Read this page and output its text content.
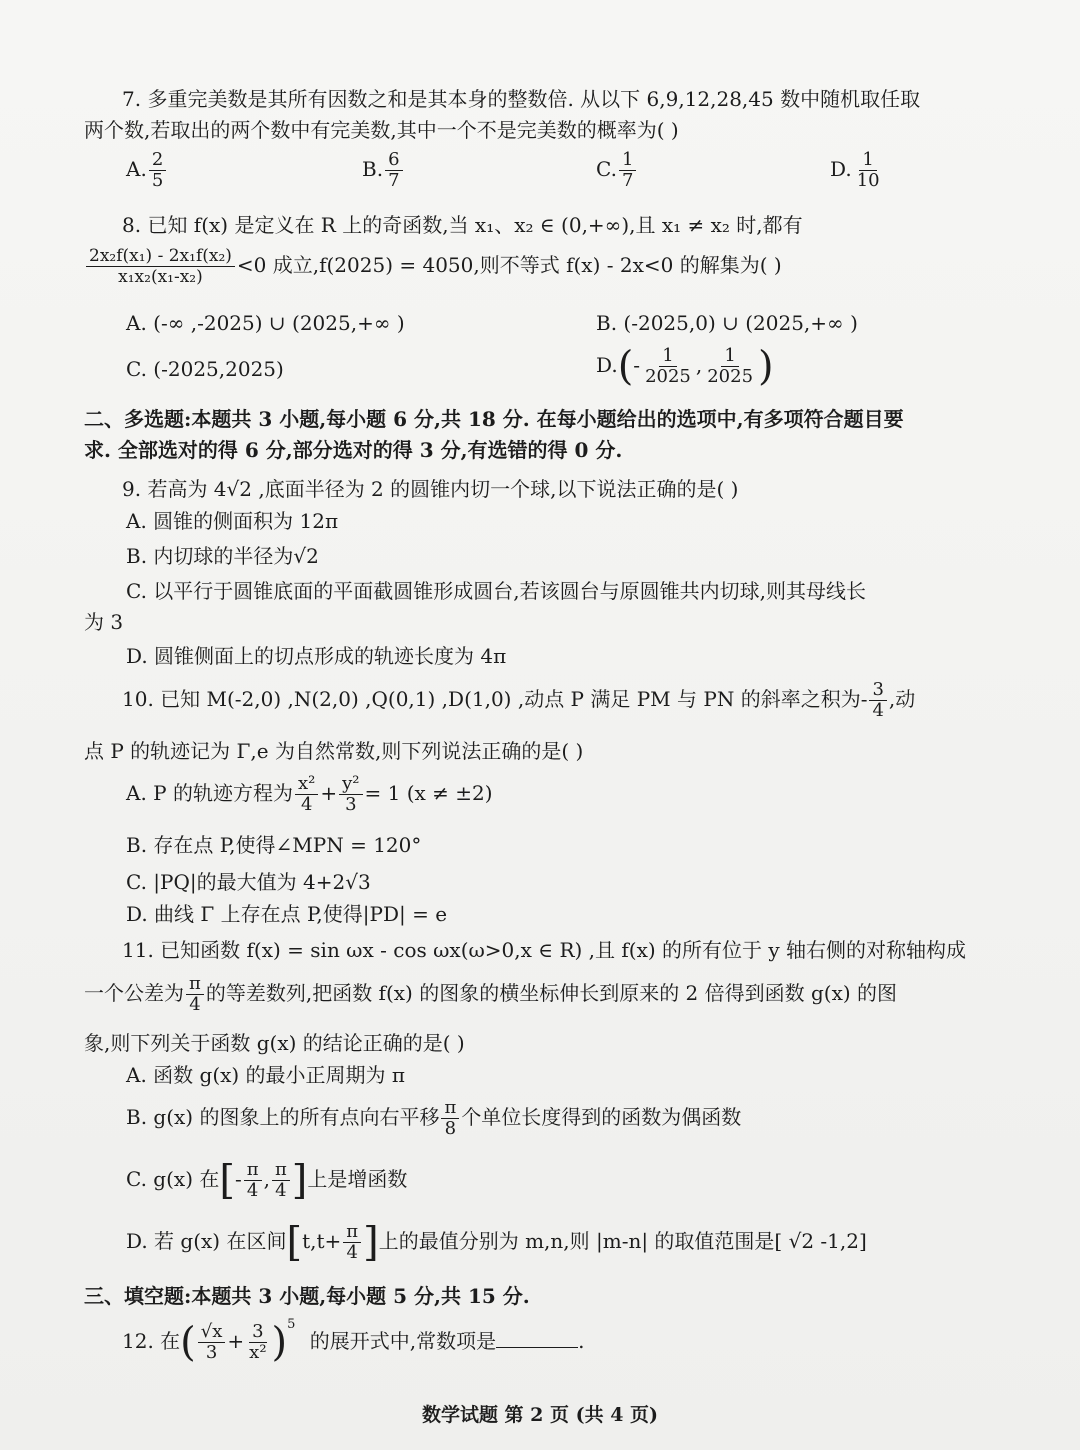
7. 多重完美数是其所有因数之和是其本身的整数倍. 从以下 6,9,12,28,45 数中随机取任取
两个数,若取出的两个数中有完美数,其中一个不是完美数的概率为( )
A. $\frac{2}{5}$	B. $\frac{6}{7}$	C. $\frac{1}{7}$	D. $\frac{1}{10}$
8. 已知 f(x) 是定义在 R 上的奇函数,当 x₁、x₂ ∈ (0,+∞),且 x₁ ≠ x₂ 时,都有
$\frac{\text{2x₂f(x₁) - 2x₁f(x₂)}}{\text{x₁x₂(x₁-x₂)}} <0$ 成立,f(2025) = 4050,则不等式 f(x) - 2x<0 的解集为( )
A. (-∞ ,-2025) ∪ (2025,+∞ )	B. (-2025,0) ∪ (2025,+∞ )
C. (-2025,2025)	$D.(- \frac{1}{2025}$ , $\frac{1}{2025}$ )
二、多选题:本题共 3 小题,每小题 6 分,共 18 分. 在每小题给出的选项中,有多项符合题目要
求. 全部选对的得 6 分,部分选对的得 3 分,有选错的得 0 分.
9. 若高为 4√2 ,底面半径为 2 的圆锥内切一个球,以下说法正确的是( )
A. 圆锥的侧面积为 12π
B. 内切球的半径为√2
C. 以平行于圆锥底面的平面截圆锥形成圆台,若该圆台与原圆锥共内切球,则其母线长
为 3
D. 圆锥侧面上的切点形成的轨迹长度为 4π
10. 已知 M(-2,0) ,N(2,0) ,Q(0,1) ,D(1,0) ,动点 P 满足 PM 与 PN 的斜率之积为- $\frac{3}{4}$ ,动
点 P 的轨迹记为 Γ,e 为自然常数,则下列说法正确的是( )
A. P 的轨迹方程为 $\frac{\text{x²}}{4} + \frac{\text{y²}}{3} = 1$ (x ≠ ±2)
B. 存在点 P,使得∠MPN = 120°
C. |PQ|的最大值为 4+2√3
D. 曲线 Γ 上存在点 P,使得|PD| = e
11. 已知函数 f(x) = sin ωx - cos ωx(ω>0,x ∈ R) ,且 f(x) 的所有位于 y 轴右侧的对称轴构成
一个公差为 $\frac{\pi}{4}$ 的等差数列,把函数 f(x) 的图象的横坐标伸长到原来的 2 倍得到函数 g(x) 的图
象,则下列关于函数 g(x) 的结论正确的是( )
A. 函数 g(x) 的最小正周期为 π
B. g(x) 的图象上的所有点向右平移 $\frac{\pi}{8}$ 个单位长度得到的函数为偶函数
C. g(x) 在[- $\frac{\pi}{4}$ , $\frac{\pi}{4}$ ]上是增函数
D. 若 g(x) 在区间[$t,t+ \frac{\pi}{4}$ ]上的最值分别为 m,n,则 |m-n| 的取值范围是[ √2 -1,2]
三、填空题:本题共 3 小题,每小题 5 分,共 15 分.
12. 在( $\frac{√x}{3} + \frac{3}{\text{x²}} )^5$ 的展开式中,常数项是	.
数学试题 第 2 页 (共 4 页)
